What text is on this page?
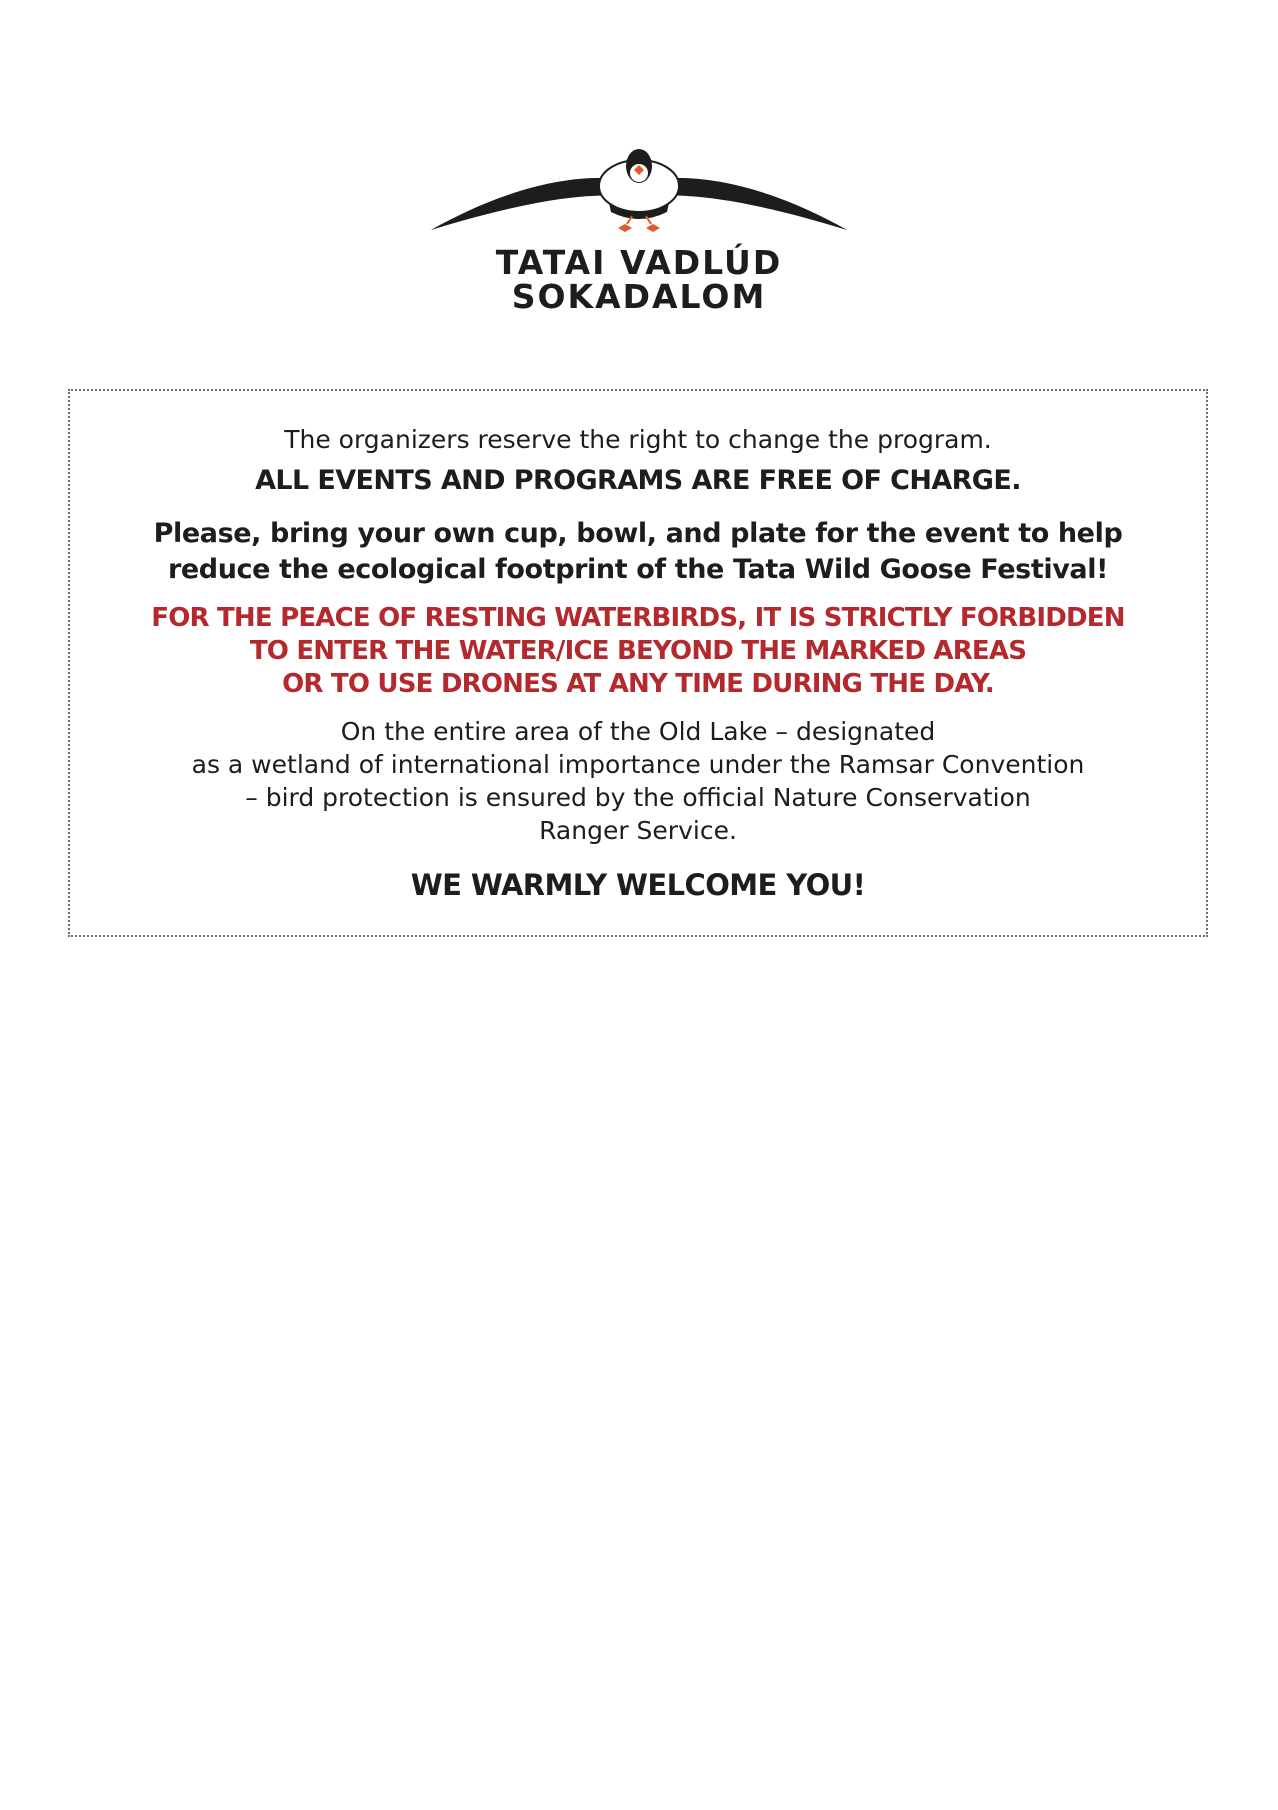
TATAI VADLÚD
SOKADALOM
The organizers reserve the right to change the program.
ALL EVENTS AND PROGRAMS ARE FREE OF CHARGE.
Please, bring your own cup, bowl, and plate for the event to help
reduce the ecological footprint of the Tata Wild Goose Festival!
FOR THE PEACE OF RESTING WATERBIRDS, IT IS STRICTLY FORBIDDEN
TO ENTER THE WATER/ICE BEYOND THE MARKED AREAS
OR TO USE DRONES AT ANY TIME DURING THE DAY.
On the entire area of the Old Lake – designated
as a wetland of international importance under the Ramsar Convention
– bird protection is ensured by the official Nature Conservation
Ranger Service.
WE WARMLY WELCOME YOU!
